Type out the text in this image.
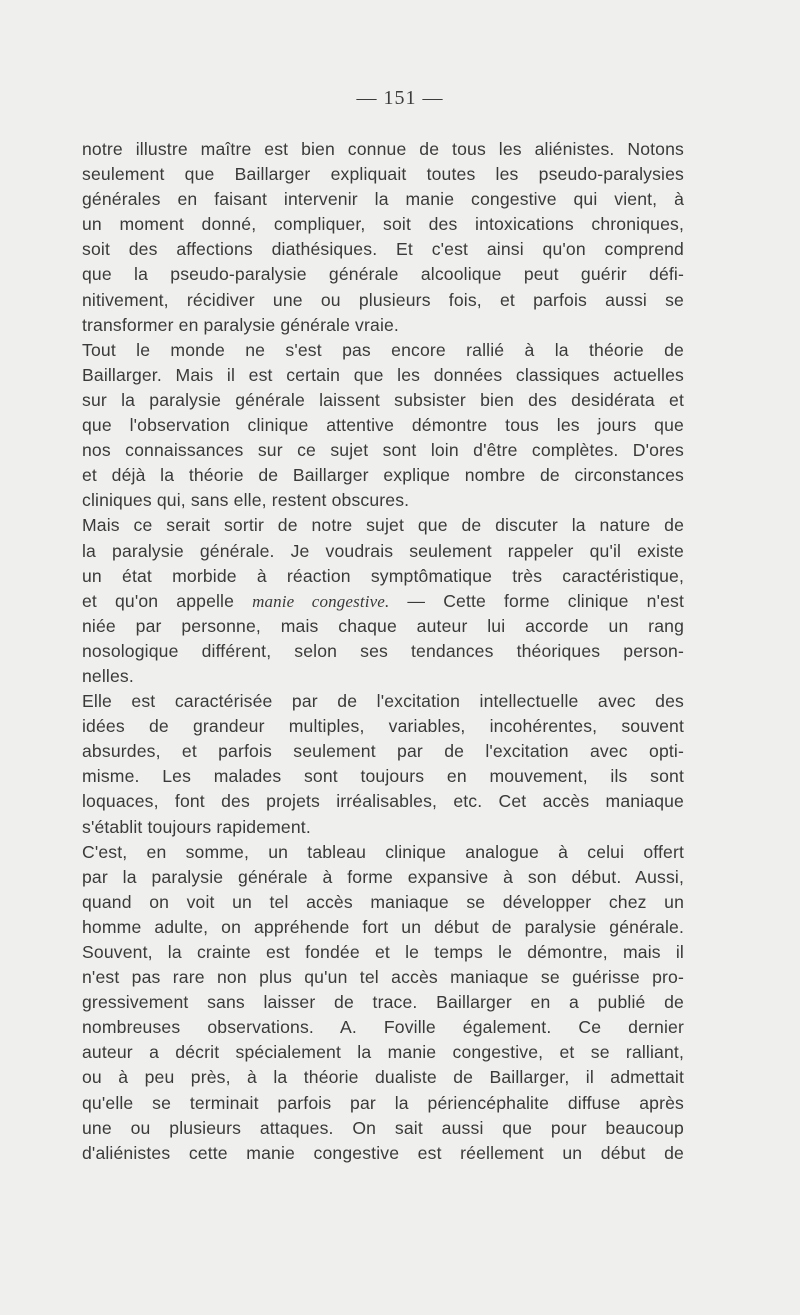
— 151 —
notre illustre maître est bien connue de tous les aliénistes. Notons
seulement que Baillarger expliquait toutes les pseudo-paralysies
générales en faisant intervenir la manie congestive qui vient, à
un moment donné, compliquer, soit des intoxications chroniques,
soit des affections diathésiques. Et c'est ainsi qu'on comprend
que la pseudo-paralysie générale alcoolique peut guérir défi-
nitivement, récidiver une ou plusieurs fois, et parfois aussi se
transformer en paralysie générale vraie.
Tout le monde ne s'est pas encore rallié à la théorie de
Baillarger. Mais il est certain que les données classiques actuelles
sur la paralysie générale laissent subsister bien des desidérata et
que l'observation clinique attentive démontre tous les jours que
nos connaissances sur ce sujet sont loin d'être complètes. D'ores
et déjà la théorie de Baillarger explique nombre de circonstances
cliniques qui, sans elle, restent obscures.
Mais ce serait sortir de notre sujet que de discuter la nature de
la paralysie générale. Je voudrais seulement rappeler qu'il existe
un état morbide à réaction symptômatique très caractéristique,
et qu'on appelle manie congestive. — Cette forme clinique n'est
niée par personne, mais chaque auteur lui accorde un rang
nosologique différent, selon ses tendances théoriques person-
nelles.
Elle est caractérisée par de l'excitation intellectuelle avec des
idées de grandeur multiples, variables, incohérentes, souvent
absurdes, et parfois seulement par de l'excitation avec opti-
misme. Les malades sont toujours en mouvement, ils sont
loquaces, font des projets irréalisables, etc. Cet accès maniaque
s'établit toujours rapidement.
C'est, en somme, un tableau clinique analogue à celui offert
par la paralysie générale à forme expansive à son début. Aussi,
quand on voit un tel accès maniaque se développer chez un
homme adulte, on appréhende fort un début de paralysie générale.
Souvent, la crainte est fondée et le temps le démontre, mais il
n'est pas rare non plus qu'un tel accès maniaque se guérisse pro-
gressivement sans laisser de trace. Baillarger en a publié de
nombreuses observations. A. Foville également. Ce dernier
auteur a décrit spécialement la manie congestive, et se ralliant,
ou à peu près, à la théorie dualiste de Baillarger, il admettait
qu'elle se terminait parfois par la périencéphalite diffuse après
une ou plusieurs attaques. On sait aussi que pour beaucoup
d'aliénistes cette manie congestive est réellement un début de
